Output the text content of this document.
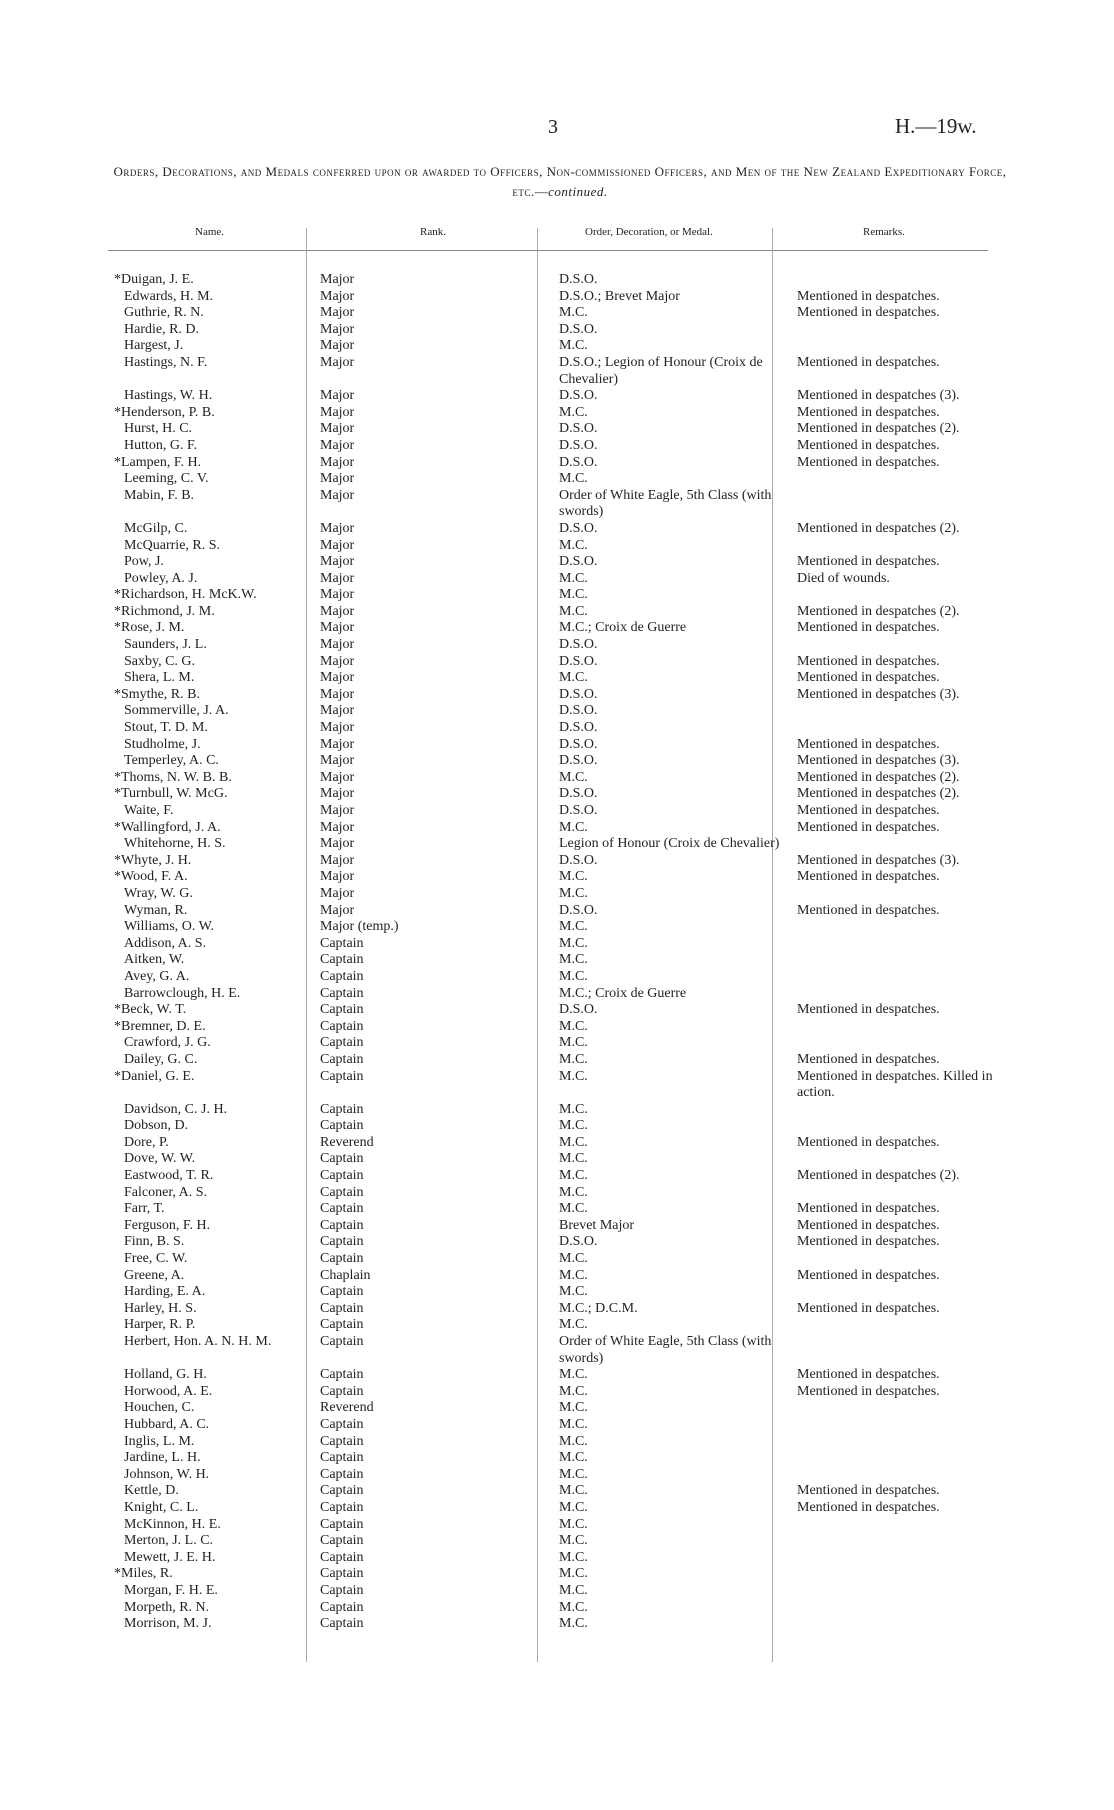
3	H.—19w.
Orders, Decorations, and Medals conferred upon or awarded to Officers, Non-commissioned Officers, and Men of the New Zealand Expeditionary Force, etc.—continued.
Name.	Rank.	Order, Decoration, or Medal.	Remarks.
*Duigan, J. E.	Major	D.S.O.	
Edwards, H. M.	Major	D.S.O.; Brevet Major	Mentioned in despatches.
Guthrie, R. N.	Major	M.C.	Mentioned in despatches.
Hardie, R. D.	Major	D.S.O.	
Hargest, J.	Major	M.C.	
Hastings, N. F.	Major	D.S.O.; Legion of Honour (Croix de Chevalier)	Mentioned in despatches.
Hastings, W. H.	Major	D.S.O.	Mentioned in despatches (3).
*Henderson, P. B.	Major	M.C.	Mentioned in despatches.
Hurst, H. C.	Major	D.S.O.	Mentioned in despatches (2).
Hutton, G. F.	Major	D.S.O.	Mentioned in despatches.
*Lampen, F. H.	Major	D.S.O.	Mentioned in despatches.
Leeming, C. V.	Major	M.C.	
Mabin, F. B.	Major	Order of White Eagle, 5th Class (with swords)	
McGilp, C.	Major	D.S.O.	Mentioned in despatches (2).
McQuarrie, R. S.	Major	M.C.	
Pow, J.	Major	D.S.O.	Mentioned in despatches.
Powley, A. J.	Major	M.C.	Died of wounds.
*Richardson, H. McK.W.	Major	M.C.	
*Richmond, J. M.	Major	M.C.	Mentioned in despatches (2).
*Rose, J. M.	Major	M.C.; Croix de Guerre	Mentioned in despatches.
Saunders, J. L.	Major	D.S.O.	
Saxby, C. G.	Major	D.S.O.	Mentioned in despatches.
Shera, L. M.	Major	M.C.	Mentioned in despatches.
*Smythe, R. B.	Major	D.S.O.	Mentioned in despatches (3).
Sommerville, J. A.	Major	D.S.O.	
Stout, T. D. M.	Major	D.S.O.	
Studholme, J.	Major	D.S.O.	Mentioned in despatches.
Temperley, A. C.	Major	D.S.O.	Mentioned in despatches (3).
*Thoms, N. W. B. B.	Major	M.C.	Mentioned in despatches (2).
*Turnbull, W. McG.	Major	D.S.O.	Mentioned in despatches (2).
Waite, F.	Major	D.S.O.	Mentioned in despatches.
*Wallingford, J. A.	Major	M.C.	Mentioned in despatches.
Whitehorne, H. S.	Major	Legion of Honour (Croix de Chevalier)	
*Whyte, J. H.	Major	D.S.O.	Mentioned in despatches (3).
*Wood, F. A.	Major	M.C.	Mentioned in despatches.
Wray, W. G.	Major	M.C.	
Wyman, R.	Major	D.S.O.	Mentioned in despatches.
Williams, O. W.	Major (temp.)	M.C.	
Addison, A. S.	Captain	M.C.	
Aitken, W.	Captain	M.C.	
Avey, G. A.	Captain	M.C.	
Barrowclough, H. E.	Captain	M.C.; Croix de Guerre	
*Beck, W. T.	Captain	D.S.O.	Mentioned in despatches.
*Bremner, D. E.	Captain	M.C.	
Crawford, J. G.	Captain	M.C.	
Dailey, G. C.	Captain	M.C.	Mentioned in despatches.
*Daniel, G. E.	Captain	M.C.	Mentioned in despatches. Killed in action.
Davidson, C. J. H.	Captain	M.C.	
Dobson, D.	Captain	M.C.	
Dore, P.	Reverend	M.C.	Mentioned in despatches.
Dove, W. W.	Captain	M.C.	
Eastwood, T. R.	Captain	M.C.	Mentioned in despatches (2).
Falconer, A. S.	Captain	M.C.	
Farr, T.	Captain	M.C.	Mentioned in despatches.
Ferguson, F. H.	Captain	Brevet Major	Mentioned in despatches.
Finn, B. S.	Captain	D.S.O.	Mentioned in despatches.
Free, C. W.	Captain	M.C.	
Greene, A.	Chaplain	M.C.	Mentioned in despatches.
Harding, E. A.	Captain	M.C.	
Harley, H. S.	Captain	M.C.; D.C.M.	Mentioned in despatches.
Harper, R. P.	Captain	M.C.	
Herbert, Hon. A. N. H. M.	Captain	Order of White Eagle, 5th Class (with swords)	
Holland, G. H.	Captain	M.C.	Mentioned in despatches.
Horwood, A. E.	Captain	M.C.	Mentioned in despatches.
Houchen, C.	Reverend	M.C.	
Hubbard, A. C.	Captain	M.C.	
Inglis, L. M.	Captain	M.C.	
Jardine, L. H.	Captain	M.C.	
Johnson, W. H.	Captain	M.C.	
Kettle, D.	Captain	M.C.	Mentioned in despatches.
Knight, C. L.	Captain	M.C.	Mentioned in despatches.
McKinnon, H. E.	Captain	M.C.	
Merton, J. L. C.	Captain	M.C.	
Mewett, J. E. H.	Captain	M.C.	
*Miles, R.	Captain	M.C.	
Morgan, F. H. E.	Captain	M.C.	
Morpeth, R. N.	Captain	M.C.	
Morrison, M. J.	Captain	M.C.	
